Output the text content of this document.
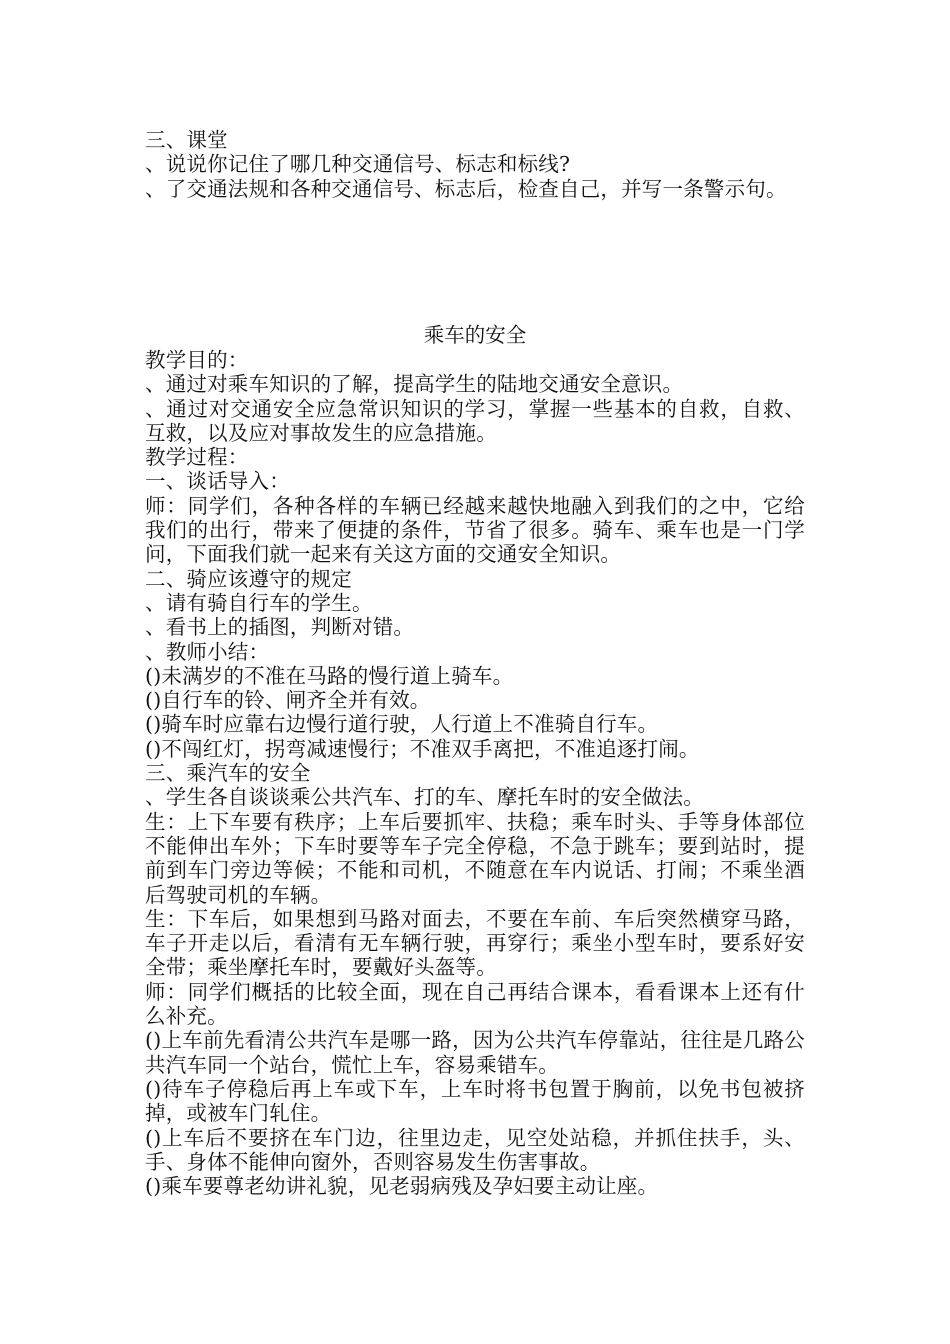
三、课堂

、说说你记住了哪几种交通信号、标志和标线?

、了交通法规和各种交通信号、标志后，检查自己，并写一条警示句。

乘车的安全

教学目的：

、通过对乘车知识的了解，提高学生的陆地交通安全意识。

、通过对交通安全应急常识知识的学习，掌握一些基本的自救，自救、互救，以及应对事故发生的应急措施。

教学过程：

一、谈话导入：

师：同学们，各种各样的车辆已经越来越快地融入到我们的之中，它给我们的出行，带来了便捷的条件，节省了很多。骑车、乘车也是一门学问，下面我们就一起来有关这方面的交通安全知识。

二、骑应该遵守的规定

、请有骑自行车的学生。

、看书上的插图，判断对错。

、教师小结：

()未满岁的不准在马路的慢行道上骑车。

()自行车的铃、闸齐全并有效。

()骑车时应靠右边慢行道行驶，人行道上不准骑自行车。

()不闯红灯，拐弯减速慢行；不准双手离把，不准追逐打闹。

三、乘汽车的安全

、学生各自谈谈乘公共汽车、打的车、摩托车时的安全做法。

生：上下车要有秩序；上车后要抓牢、扶稳；乘车时头、手等身体部位不能伸出车外；下车时要等车子完全停稳，不急于跳车；要到站时，提前到车门旁边等候；不能和司机，不随意在车内说话、打闹；不乘坐酒后驾驶司机的车辆。

生：下车后，如果想到马路对面去，不要在车前、车后突然横穿马路，车子开走以后，看清有无车辆行驶，再穿行；乘坐小型车时，要系好安全带；乘坐摩托车时，要戴好头盔等。

师：同学们概括的比较全面，现在自己再结合课本，看看课本上还有什么补充。

()上车前先看清公共汽车是哪一路，因为公共汽车停靠站，往往是几路公共汽车同一个站台，慌忙上车，容易乘错车。

()待车子停稳后再上车或下车，上车时将书包置于胸前，以免书包被挤掉，或被车门轧住。

()上车后不要挤在车门边，往里边走，见空处站稳，并抓住扶手，头、手、身体不能伸向窗外，否则容易发生伤害事故。

()乘车要尊老幼讲礼貌，见老弱病残及孕妇要主动让座。
